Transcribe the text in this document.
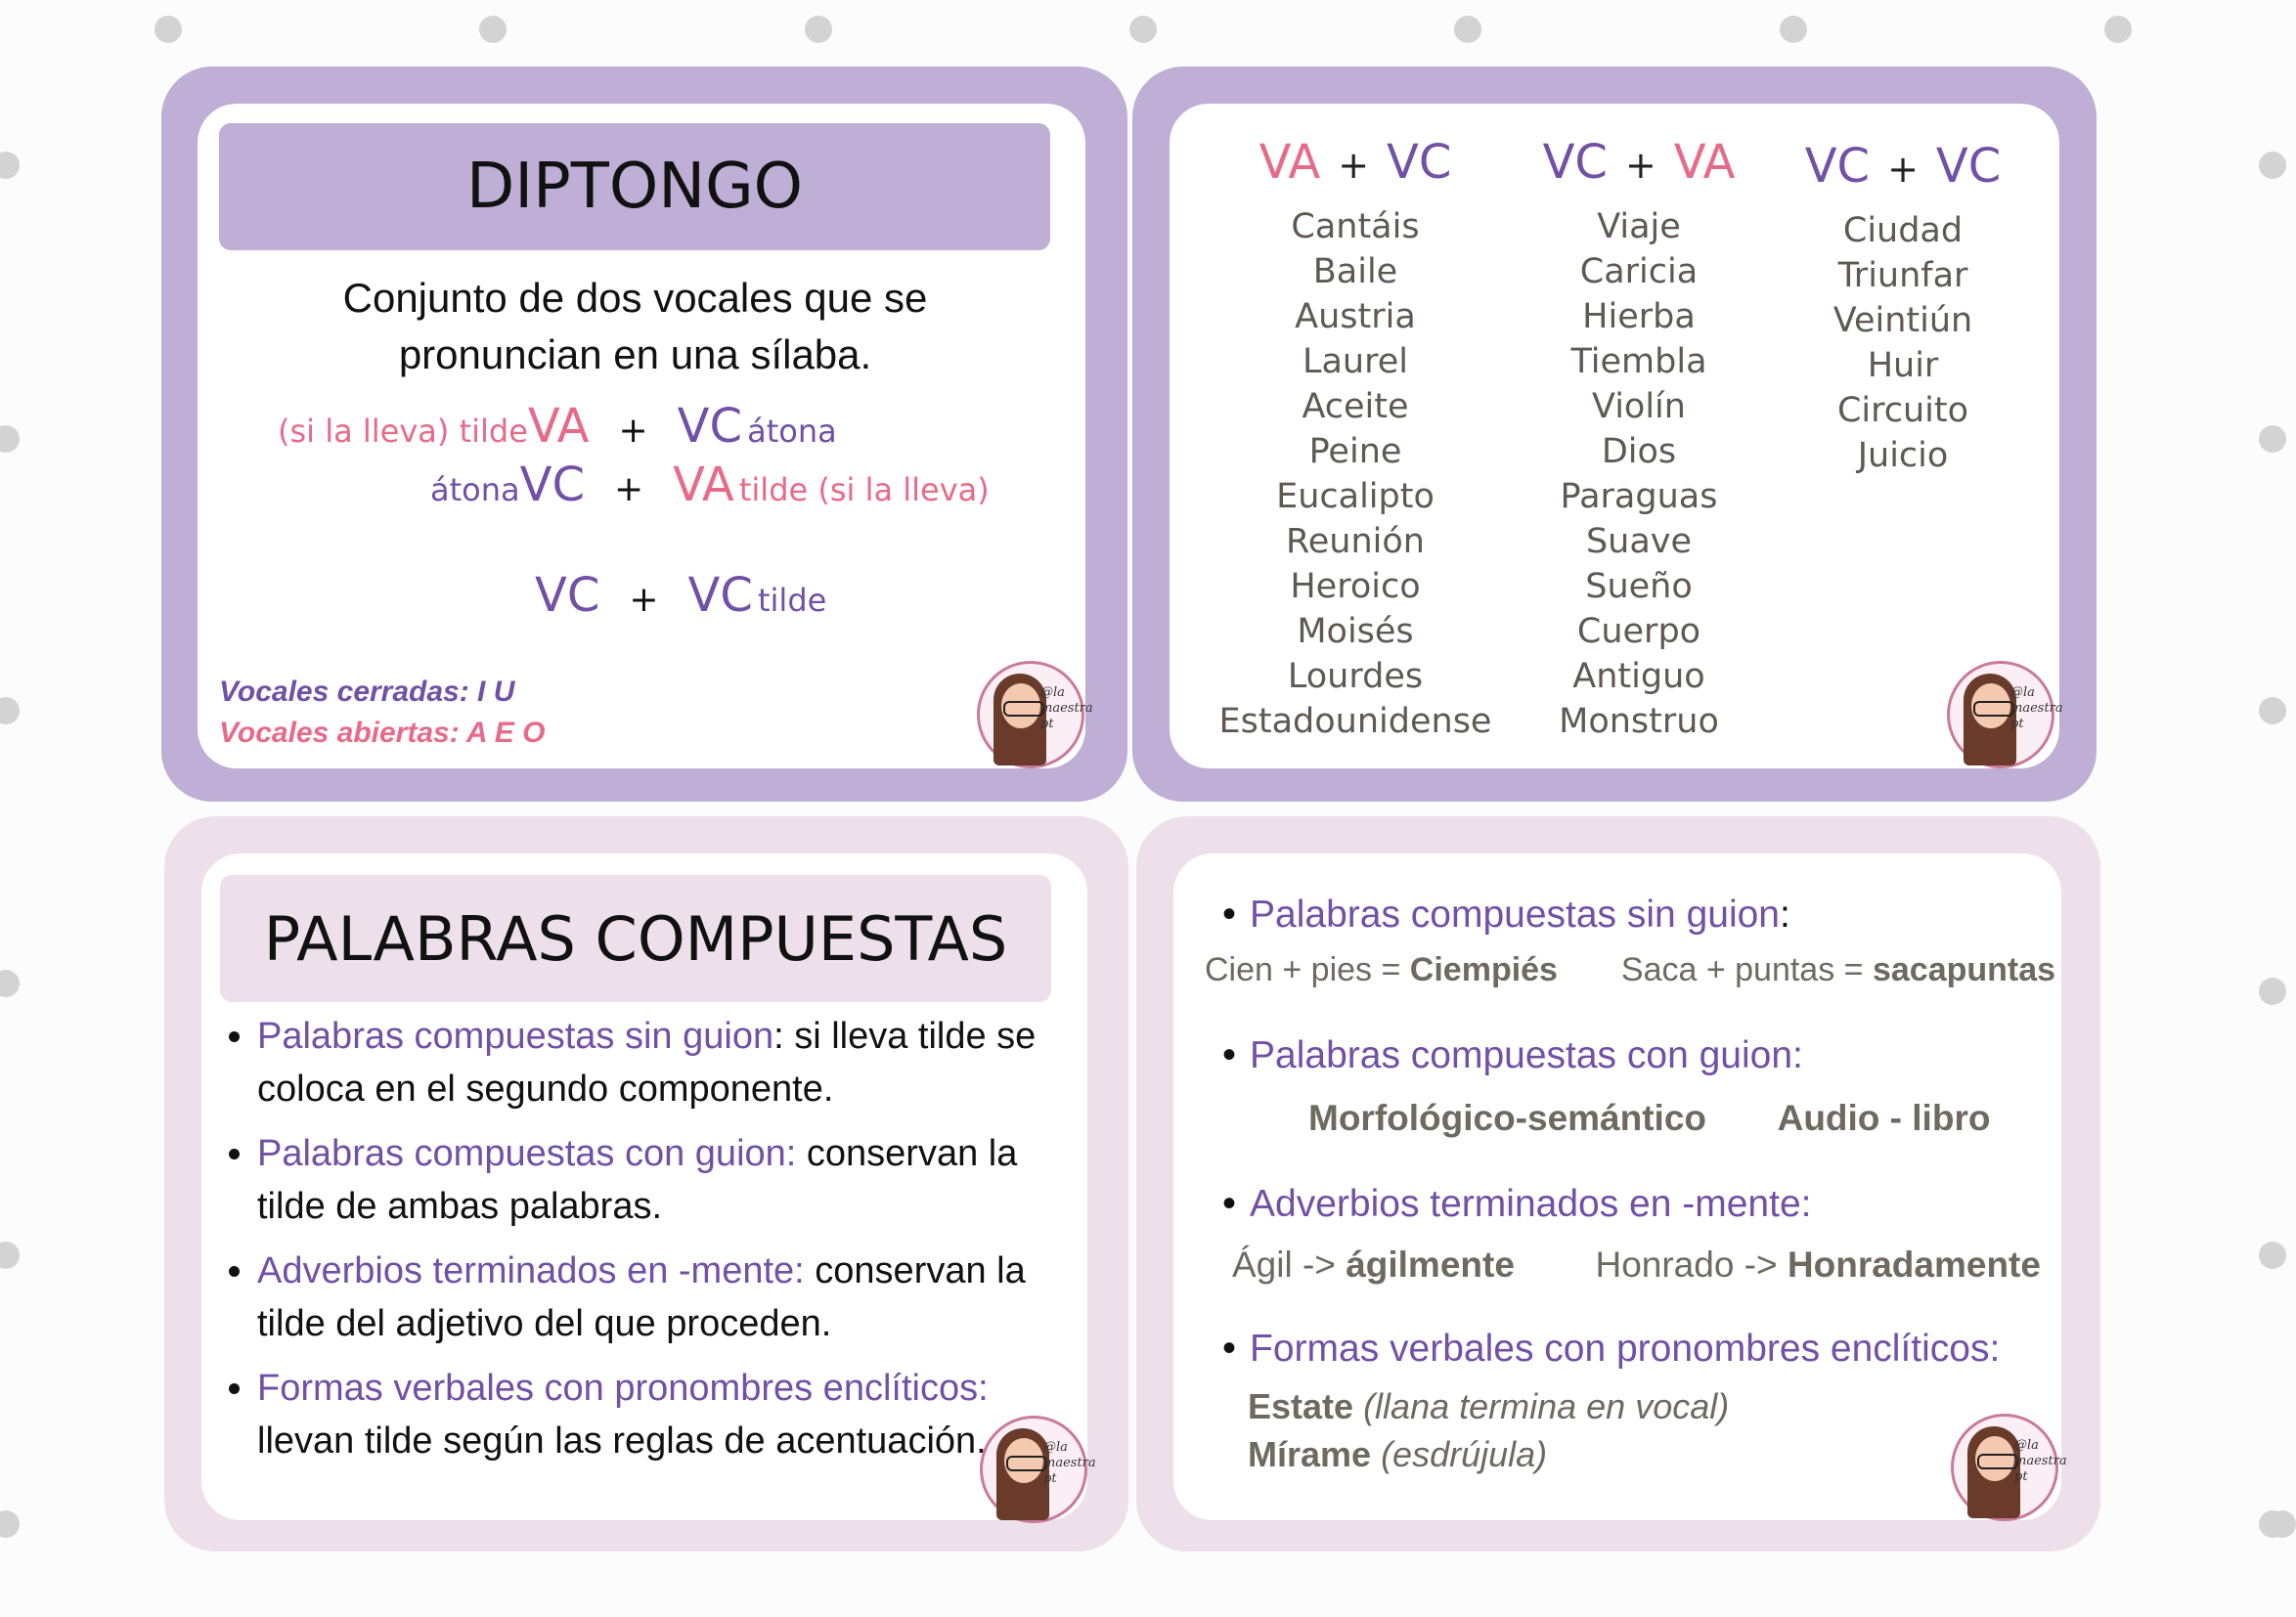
DIPTONGO
Conjunto de dos vocales que se
pronuncian en una sílaba.
(si la lleva) tildeVA + VC átona
átonaVC + VA tilde (si la lleva)
VC + VC tilde
Vocales cerradas: I U
Vocales abiertas: A E O
@la maestra pt
VA + VC
Cantáis
Baile
Austria
Laurel
Aceite
Peine
Eucalipto
Reunión
Heroico
Moisés
Lourdes
Estadounidense
VC + VA
Viaje
Caricia
Hierba
Tiembla
Violín
Dios
Paraguas
Suave
Sueño
Cuerpo
Antiguo
Monstruo
VC + VC
Ciudad
Triunfar
Veintiún
Huir
Circuito
Juicio
@la maestra pt
PALABRAS COMPUESTAS
• Palabras compuestas sin guion: si lleva tilde se coloca en el segundo componente.
• Palabras compuestas con guion: conservan la tilde de ambas palabras.
• Adverbios terminados en -mente: conservan la tilde del adjetivo del que proceden.
• Formas verbales con pronombres enclíticos: llevan tilde según las reglas de acentuación.	@la maestra pt
• Palabras compuestas sin guion:
Cien + pies = Ciempiés Saca + puntas = sacapuntas
• Palabras compuestas con guion:
Morfológico-semántico Audio - libro
• Adverbios terminados en -mente:
Ágil -> ágilmente Honrado -> Honradamente
• Formas verbales con pronombres enclíticos:
Estate (llana termina en vocal)
Mírame (esdrújula)	@la maestra pt
